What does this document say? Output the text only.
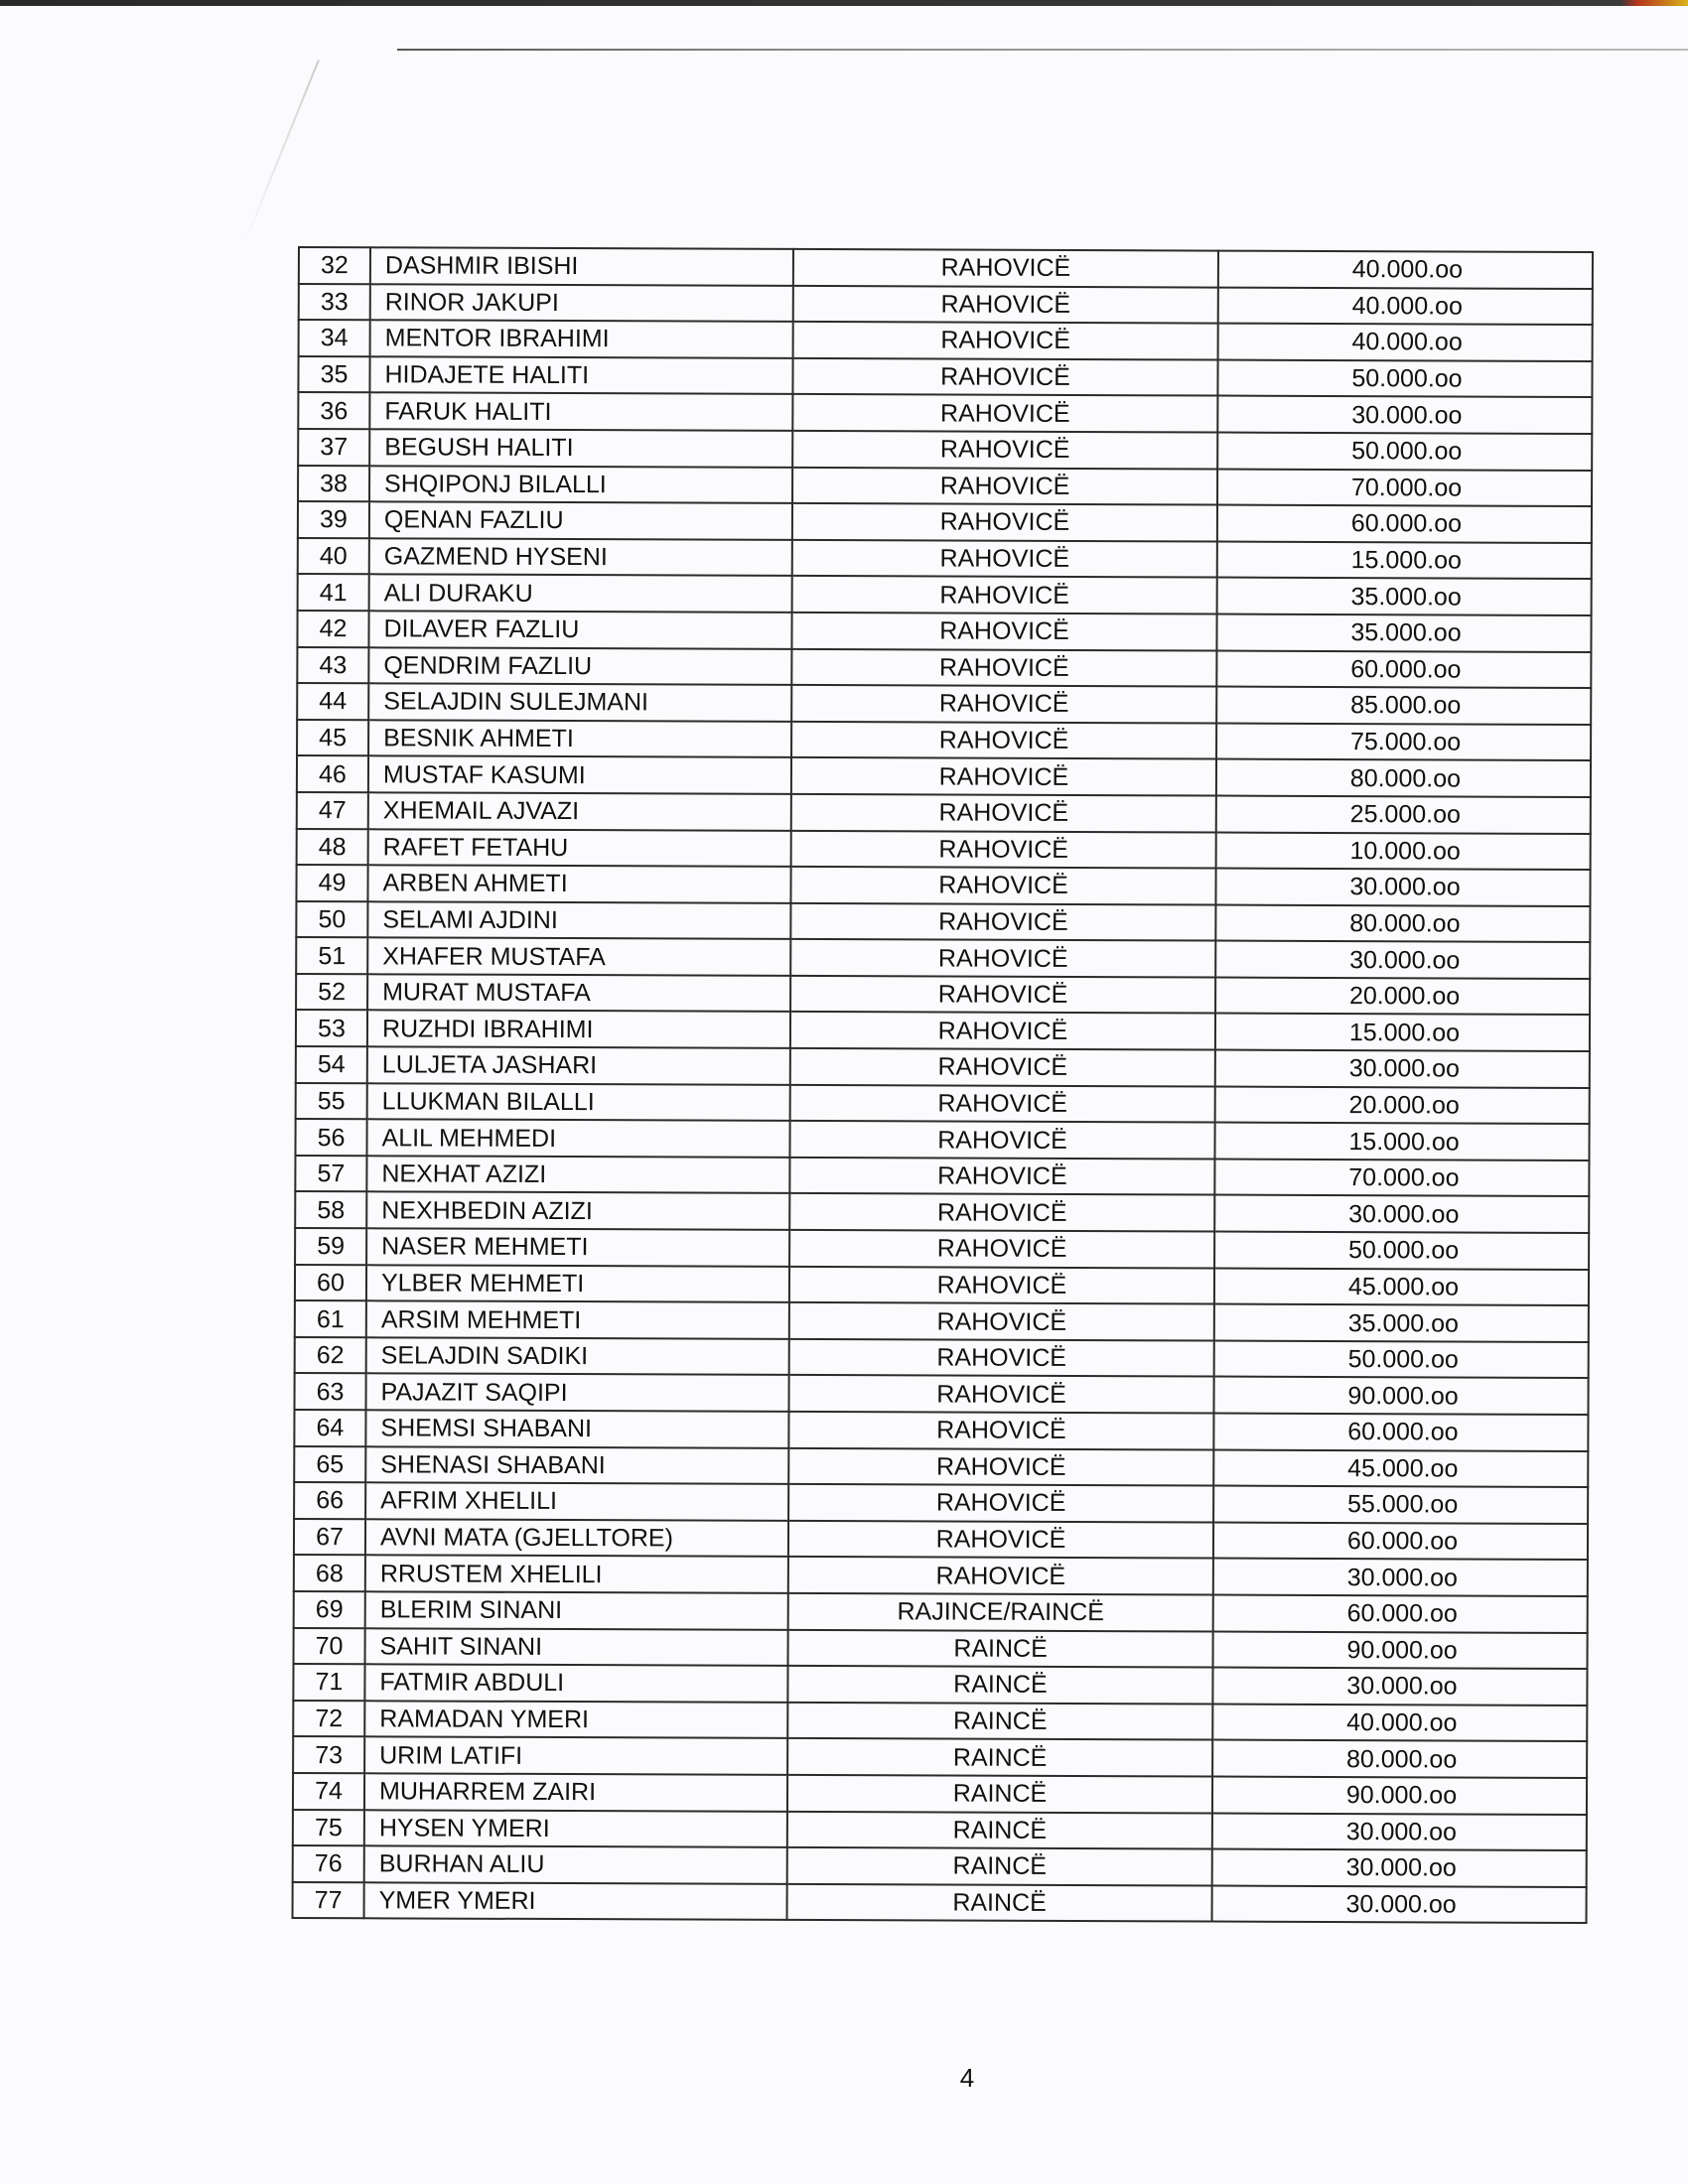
32	DASHMIR IBISHI	RAHOVICË	40.000.oo
33	RINOR JAKUPI	RAHOVICË	40.000.oo
34	MENTOR IBRAHIMI	RAHOVICË	40.000.oo
35	HIDAJETE HALITI	RAHOVICË	50.000.oo
36	FARUK HALITI	RAHOVICË	30.000.oo
37	BEGUSH HALITI	RAHOVICË	50.000.oo
38	SHQIPONJ BILALLI	RAHOVICË	70.000.oo
39	QENAN FAZLIU	RAHOVICË	60.000.oo
40	GAZMEND HYSENI	RAHOVICË	15.000.oo
41	ALI DURAKU	RAHOVICË	35.000.oo
42	DILAVER FAZLIU	RAHOVICË	35.000.oo
43	QENDRIM FAZLIU	RAHOVICË	60.000.oo
44	SELAJDIN SULEJMANI	RAHOVICË	85.000.oo
45	BESNIK AHMETI	RAHOVICË	75.000.oo
46	MUSTAF KASUMI	RAHOVICË	80.000.oo
47	XHEMAIL AJVAZI	RAHOVICË	25.000.oo
48	RAFET FETAHU	RAHOVICË	10.000.oo
49	ARBEN AHMETI	RAHOVICË	30.000.oo
50	SELAMI AJDINI	RAHOVICË	80.000.oo
51	XHAFER MUSTAFA	RAHOVICË	30.000.oo
52	MURAT MUSTAFA	RAHOVICË	20.000.oo
53	RUZHDI IBRAHIMI	RAHOVICË	15.000.oo
54	LULJETA JASHARI	RAHOVICË	30.000.oo
55	LLUKMAN BILALLI	RAHOVICË	20.000.oo
56	ALIL MEHMEDI	RAHOVICË	15.000.oo
57	NEXHAT AZIZI	RAHOVICË	70.000.oo
58	NEXHBEDIN AZIZI	RAHOVICË	30.000.oo
59	NASER MEHMETI	RAHOVICË	50.000.oo
60	YLBER MEHMETI	RAHOVICË	45.000.oo
61	ARSIM MEHMETI	RAHOVICË	35.000.oo
62	SELAJDIN SADIKI	RAHOVICË	50.000.oo
63	PAJAZIT SAQIPI	RAHOVICË	90.000.oo
64	SHEMSI SHABANI	RAHOVICË	60.000.oo
65	SHENASI SHABANI	RAHOVICË	45.000.oo
66	AFRIM XHELILI	RAHOVICË	55.000.oo
67	AVNI MATA (GJELLTORE)	RAHOVICË	60.000.oo
68	RRUSTEM XHELILI	RAHOVICË	30.000.oo
69	BLERIM SINANI	RAJINCE/RAINCË	60.000.oo
70	SAHIT SINANI	RAINCË	90.000.oo
71	FATMIR ABDULI	RAINCË	30.000.oo
72	RAMADAN YMERI	RAINCË	40.000.oo
73	URIM LATIFI	RAINCË	80.000.oo
74	MUHARREM ZAIRI	RAINCË	90.000.oo
75	HYSEN YMERI	RAINCË	30.000.oo
76	BURHAN ALIU	RAINCË	30.000.oo
77	YMER YMERI	RAINCË	30.000.oo
4
